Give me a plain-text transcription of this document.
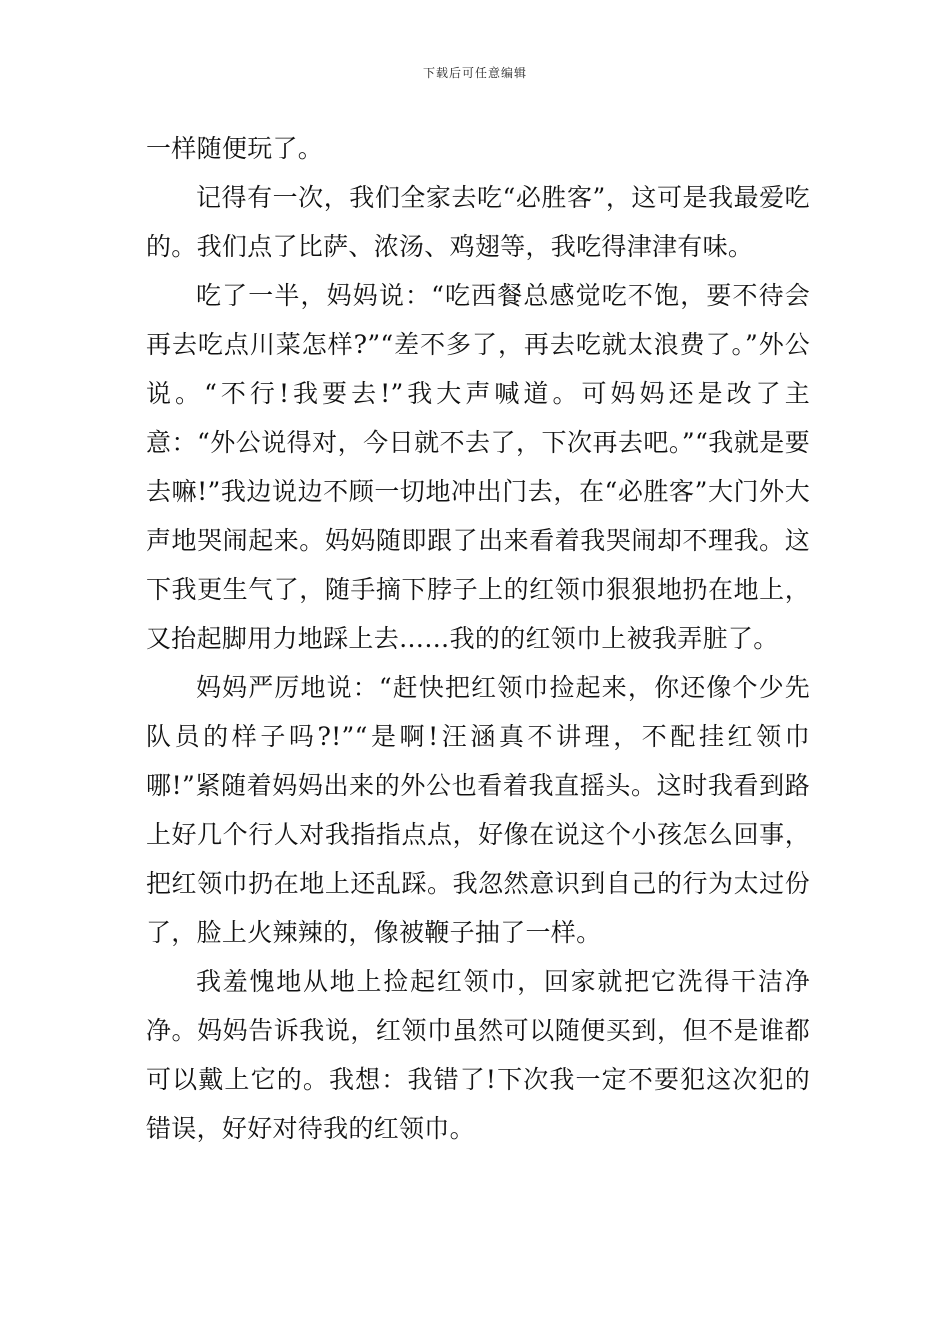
下载后可任意编辑

一样随便玩了。

记得有一次，我们全家去吃“必胜客”，这可是我最爱吃的。我们点了比萨、浓汤、鸡翅等，我吃得津津有味。

吃了一半，妈妈说：“吃西餐总感觉吃不饱，要不待会再去吃点川菜怎样?”“差不多了，再去吃就太浪费了。”外公说。“不行!我要去!”我大声喊道。可妈妈还是改了主意：“外公说得对，今日就不去了，下次再去吧。”“我就是要去嘛!”我边说边不顾一切地冲出门去，在“必胜客”大门外大声地哭闹起来。妈妈随即跟了出来看着我哭闹却不理我。这下我更生气了，随手摘下脖子上的红领巾狠狠地扔在地上，又抬起脚用力地踩上去……我的的红领巾上被我弄脏了。

妈妈严厉地说：“赶快把红领巾捡起来，你还像个少先队员的样子吗?!”“是啊!汪涵真不讲理，不配挂红领巾哪!”紧随着妈妈出来的外公也看着我直摇头。这时我看到路上好几个行人对我指指点点，好像在说这个小孩怎么回事，把红领巾扔在地上还乱踩。我忽然意识到自己的行为太过份了，脸上火辣辣的，像被鞭子抽了一样。

我羞愧地从地上捡起红领巾，回家就把它洗得干洁净净。妈妈告诉我说，红领巾虽然可以随便买到，但不是谁都可以戴上它的。我想：我错了!下次我一定不要犯这次犯的错误，好好对待我的红领巾。
